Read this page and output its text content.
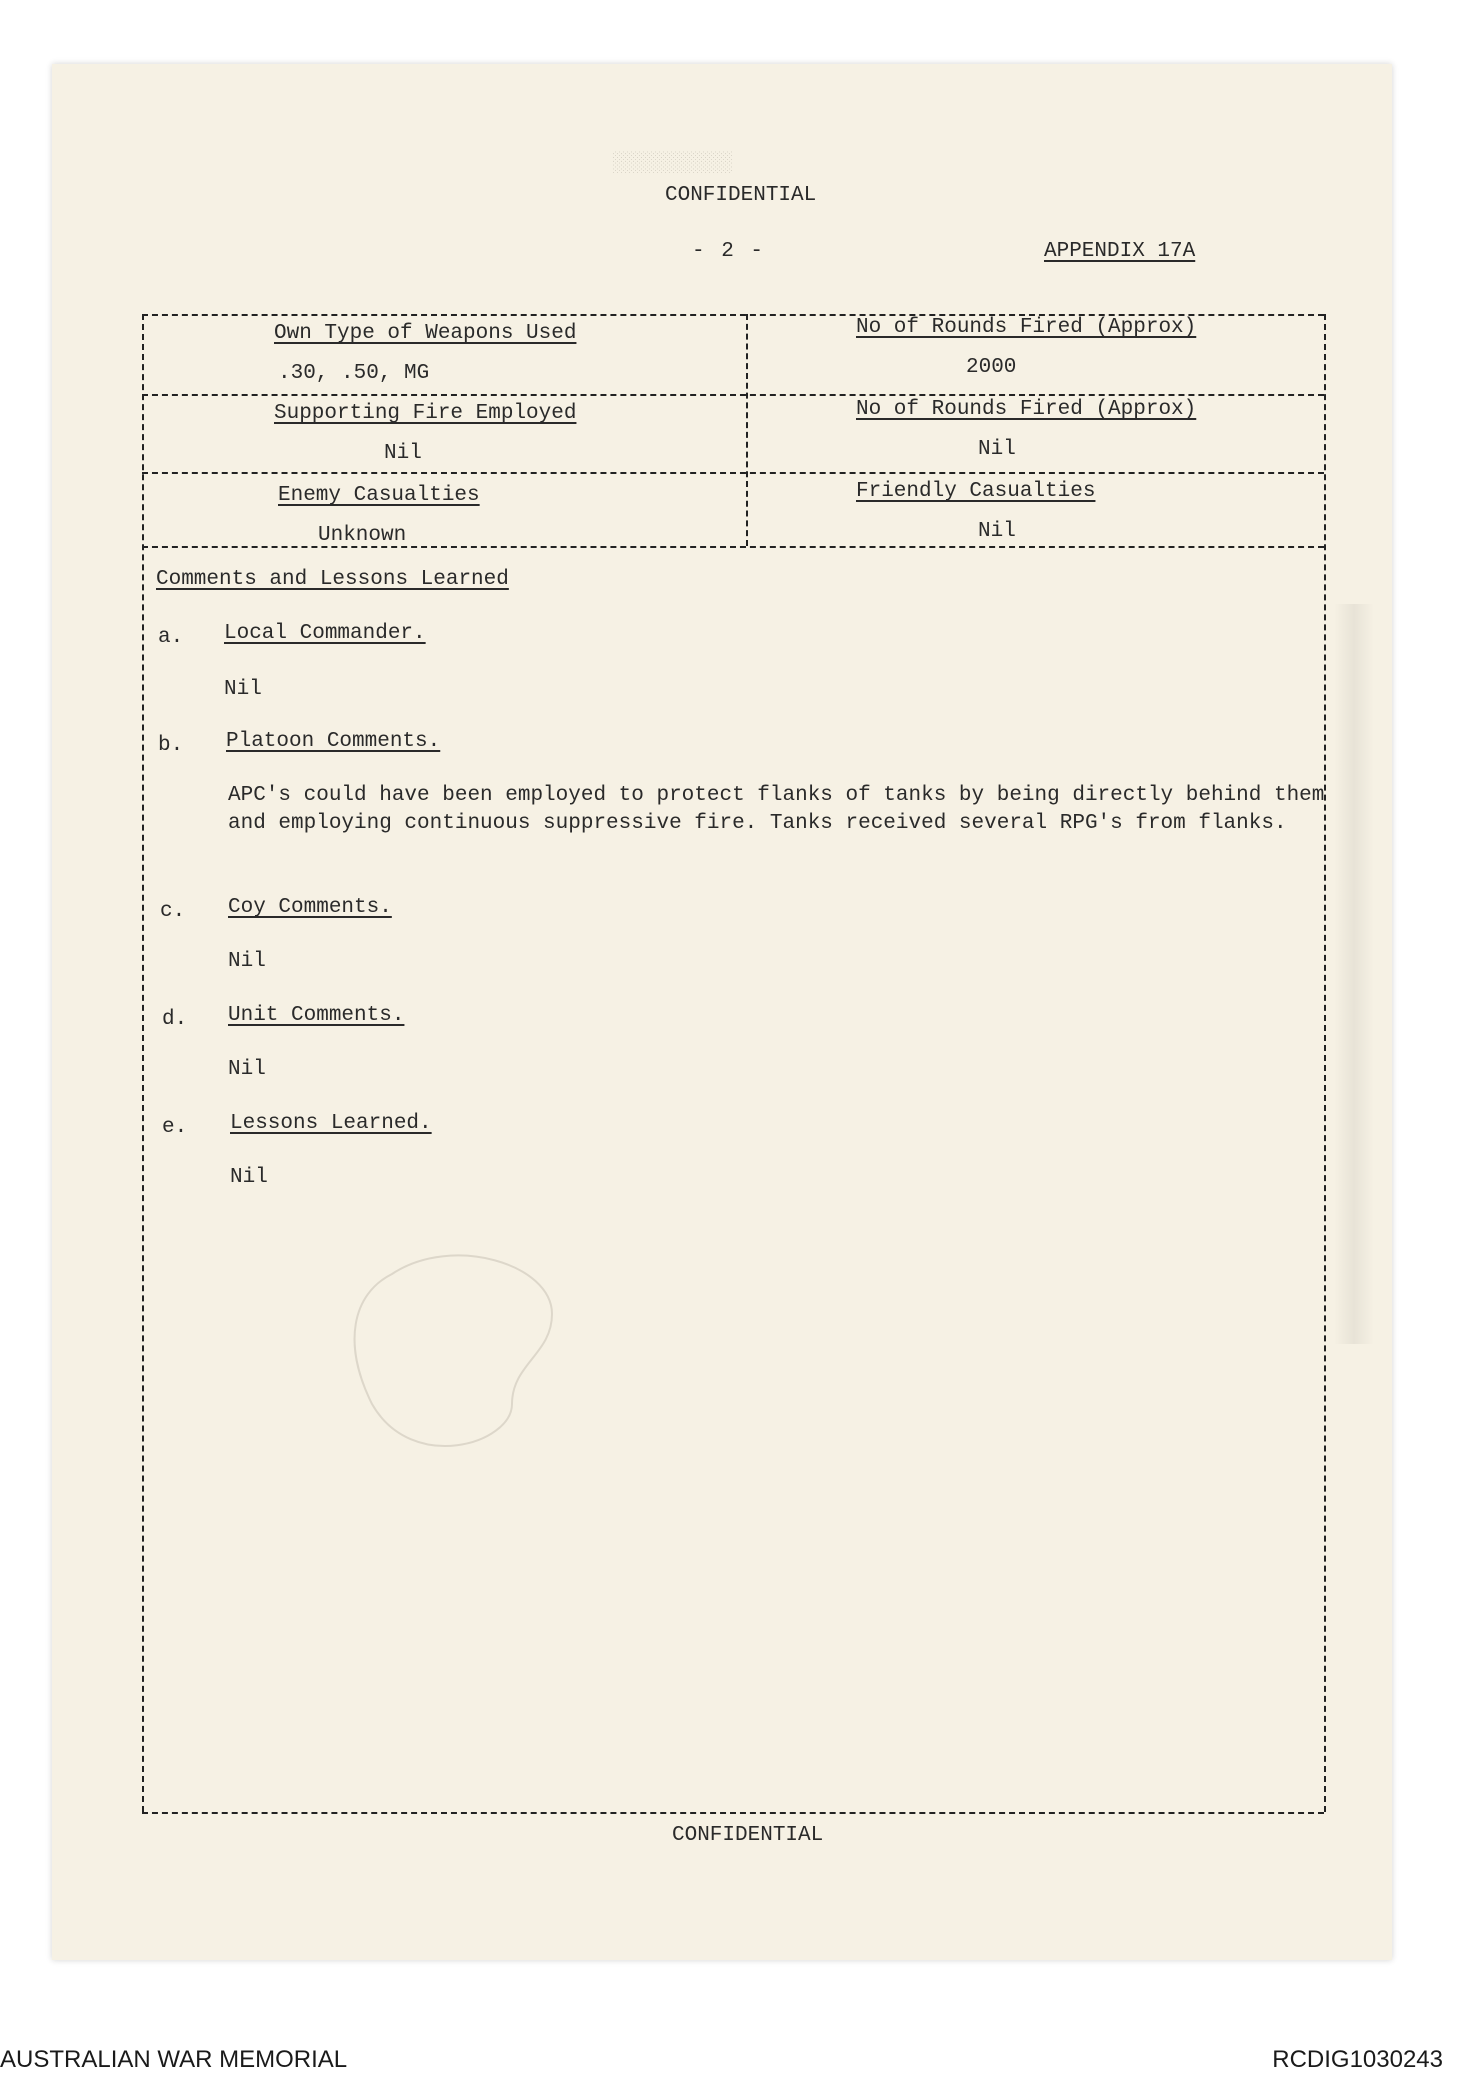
░░░░░░░░░░
CONFIDENTIAL
- 2 -	APPENDIX 17A
Own Type of Weapons Used
.30, .50, MG
No of Rounds Fired (Approx)
2000
Supporting Fire Employed
Nil
No of Rounds Fired (Approx)
Nil
Enemy Casualties
Unknown
Friendly Casualties
Nil
Comments and Lessons Learned
a. Local Commander.
Nil
b. Platoon Comments.
APC's could have been employed to protect flanks of tanks by being directly behind them and employing continuous suppressive fire. Tanks received several RPG's from flanks.
c. Coy Comments.
Nil
d. Unit Comments.
Nil
e. Lessons Learned.
Nil
CONFIDENTIAL
AUSTRALIAN WAR MEMORIAL	RCDIG1030243
